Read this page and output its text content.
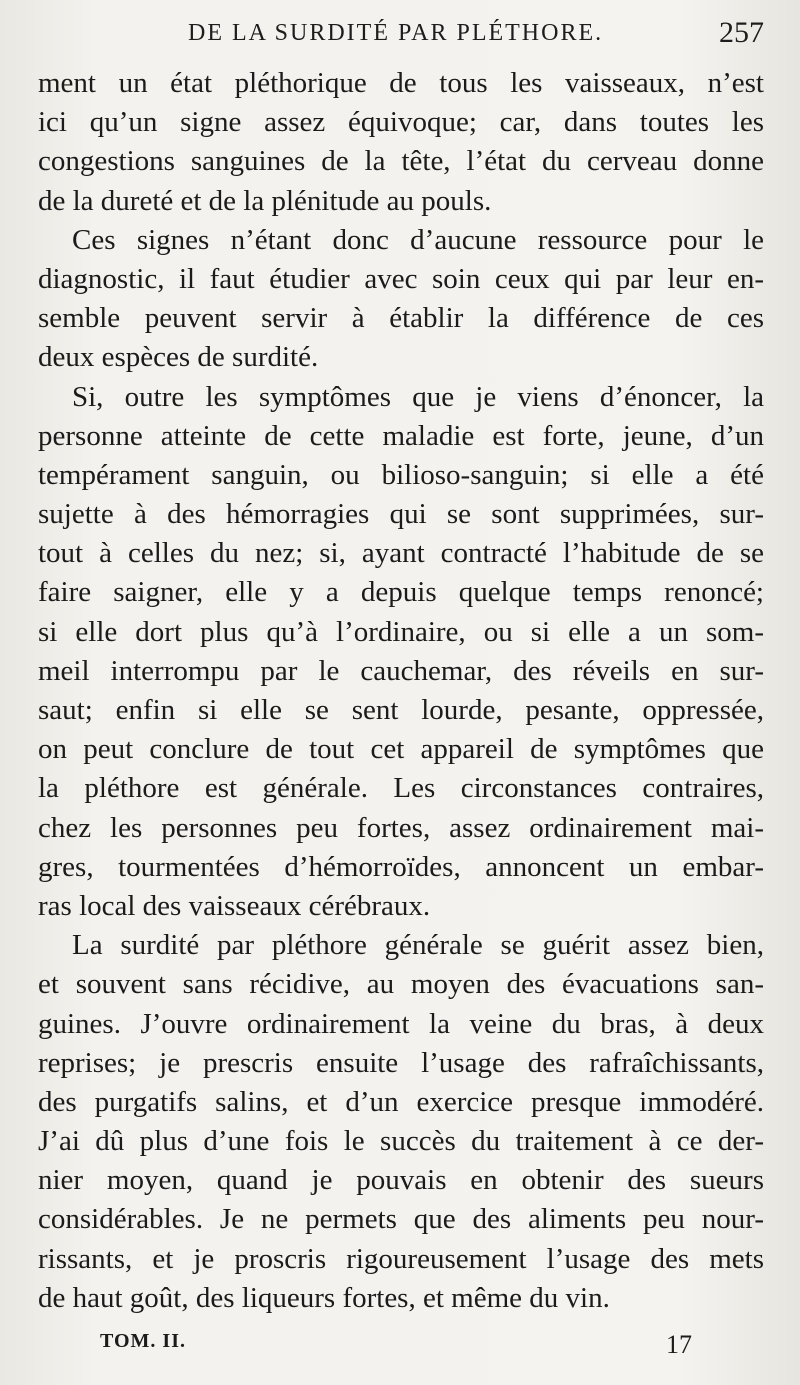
DE LA SURDITÉ PAR PLÉTHORE.	257
ment un état pléthorique de tous les vaisseaux, n’est
ici qu’un signe assez équivoque; car, dans toutes les
congestions sanguines de la tête, l’état du cerveau donne
de la dureté et de la plénitude au pouls.
Ces signes n’étant donc d’aucune ressource pour le
diagnostic, il faut étudier avec soin ceux qui par leur en-
semble peuvent servir à établir la différence de ces
deux espèces de surdité.
Si, outre les symptômes que je viens d’énoncer, la
personne atteinte de cette maladie est forte, jeune, d’un
tempérament sanguin, ou bilioso-sanguin; si elle a été
sujette à des hémorragies qui se sont supprimées, sur-
tout à celles du nez; si, ayant contracté l’habitude de se
faire saigner, elle y a depuis quelque temps renoncé;
si elle dort plus qu’à l’ordinaire, ou si elle a un som-
meil interrompu par le cauchemar, des réveils en sur-
saut; enfin si elle se sent lourde, pesante, oppressée,
on peut conclure de tout cet appareil de symptômes que
la pléthore est générale. Les circonstances contraires,
chez les personnes peu fortes, assez ordinairement mai-
gres, tourmentées d’hémorroïdes, annoncent un embar-
ras local des vaisseaux cérébraux.
La surdité par pléthore générale se guérit assez bien,
et souvent sans récidive, au moyen des évacuations san-
guines. J’ouvre ordinairement la veine du bras, à deux
reprises; je prescris ensuite l’usage des rafraîchissants,
des purgatifs salins, et d’un exercice presque immodéré.
J’ai dû plus d’une fois le succès du traitement à ce der-
nier moyen, quand je pouvais en obtenir des sueurs
considérables. Je ne permets que des aliments peu nour-
rissants, et je proscris rigoureusement l’usage des mets
de haut goût, des liqueurs fortes, et même du vin.
TOM. II.	17
